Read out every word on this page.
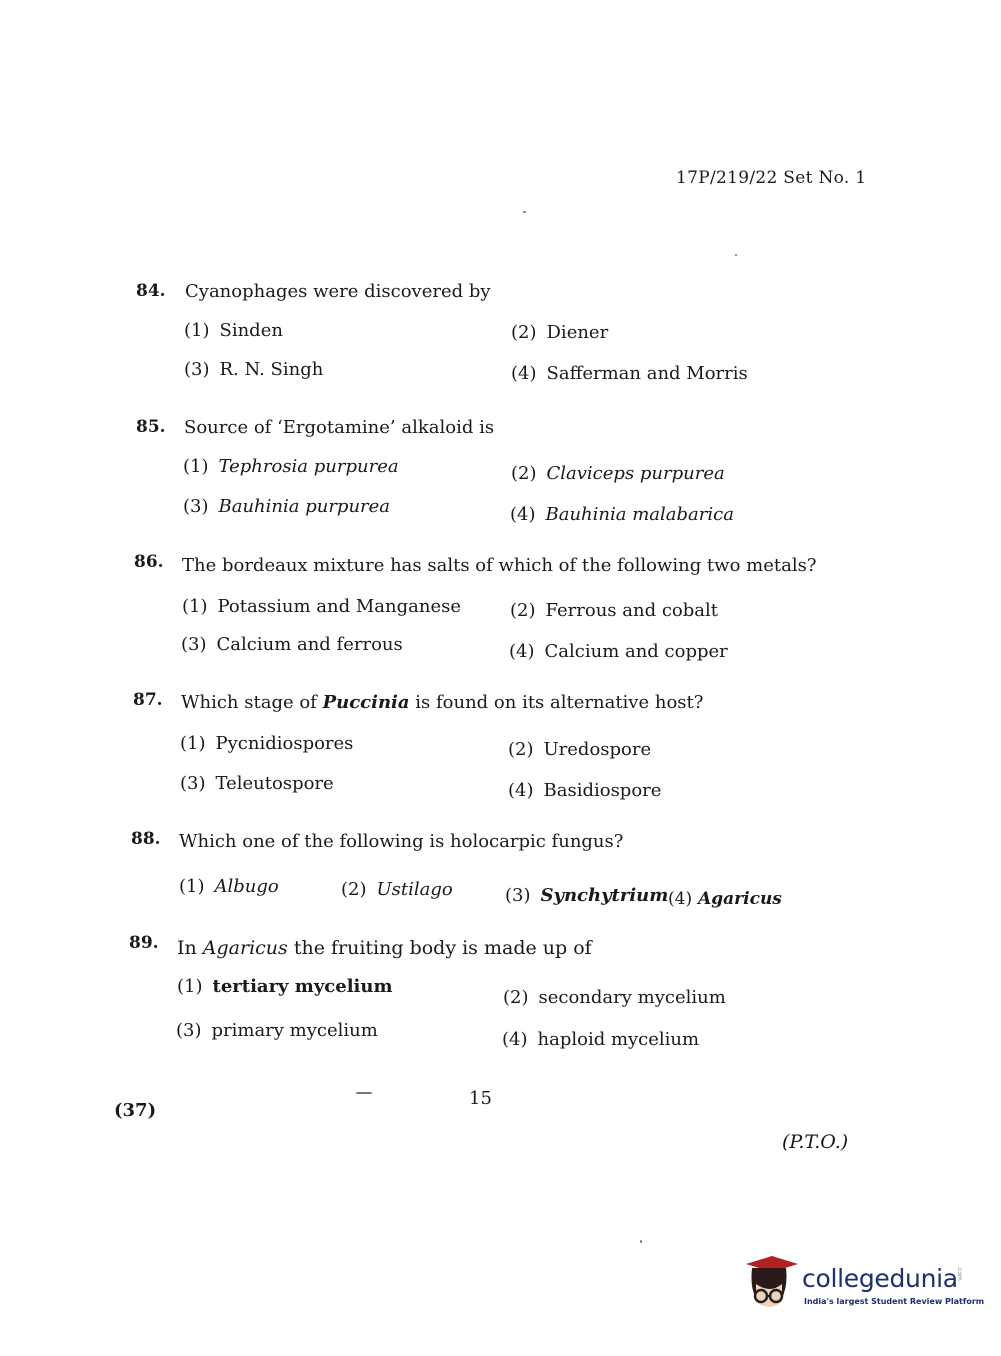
17P/219/22 Set No. 1
84. Cyanophages were discovered by
(1) Sinden	(2) Diener
(3) R. N. Singh	(4) Safferman and Morris
85. Source of ‘Ergotamine’ alkaloid is
(1) Tephrosia purpurea	(2) Claviceps purpurea
(3) Bauhinia purpurea	(4) Bauhinia malabarica
86. The bordeaux mixture has salts of which of the following two metals?
(1) Potassium and Manganese	(2) Ferrous and cobalt
(3) Calcium and ferrous	(4) Calcium and copper
87. Which stage of Puccinia is found on its alternative host?
(1) Pycnidiospores	(2) Uredospore
(3) Teleutospore	(4) Basidiospore
88. Which one of the following is holocarpic fungus?
(1) Albugo	(2) Ustilago	(3) Synchytrium (4) Agaricus
89. In Agaricus the fruiting body is made up of
(1) tertiary mycelium
(2) secondary mycelium
(3) primary mycelium	(4) haploid mycelium
(37)
15
(P.T.O.)
collegedunia
.com
India's largest Student Review Platform
